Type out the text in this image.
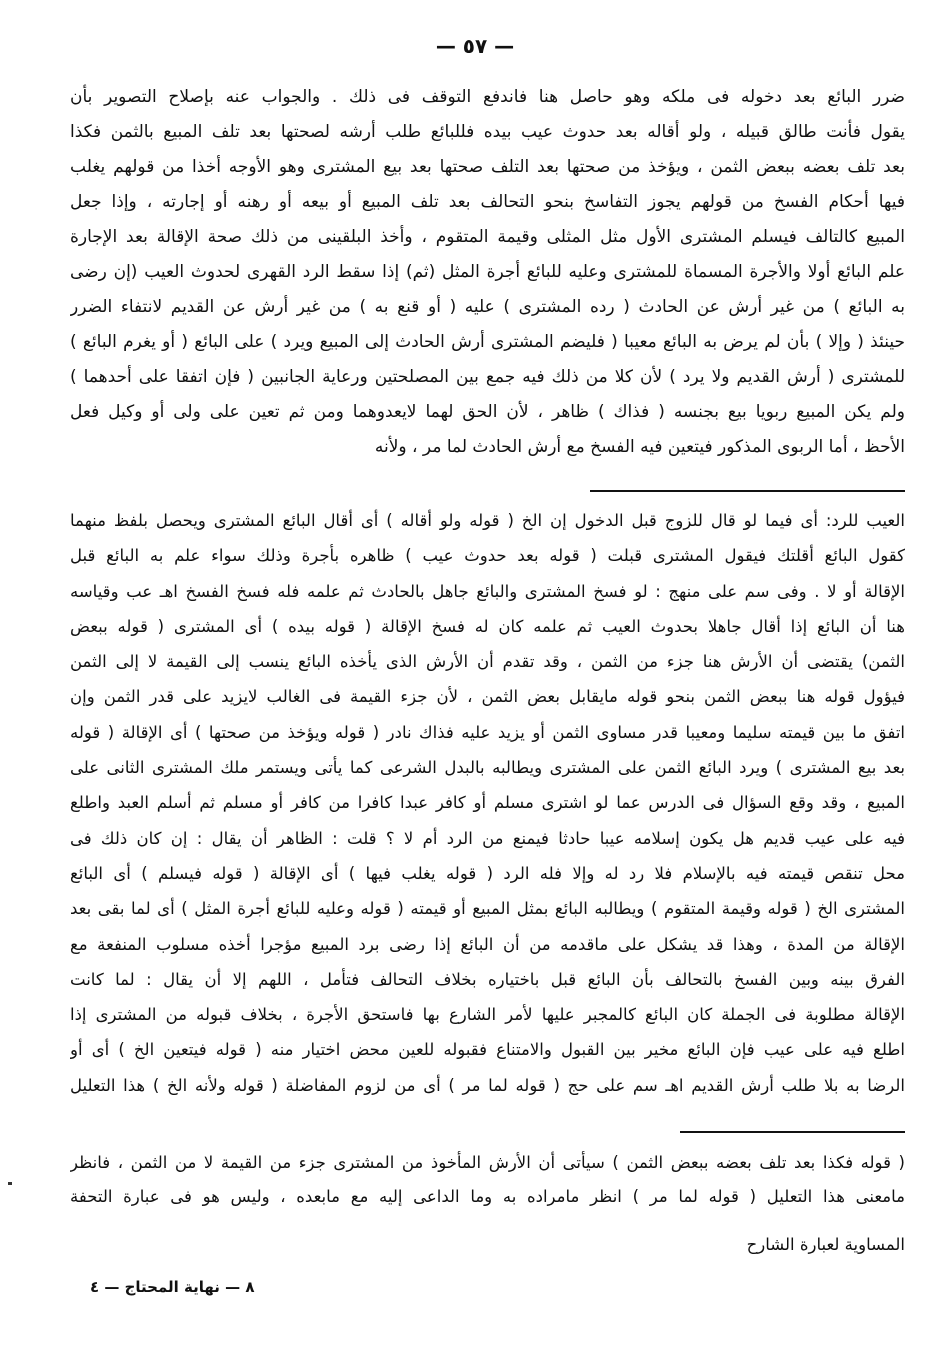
— ٥٧ —
ضرر البائع بعد دخوله فى ملكه وهو حاصل هنا فاندفع التوقف فى ذلك . والجواب عنه بإصلاح التصوير بأن
يقول فأنت طالق قبيله ، ولو أقاله بعد حدوث عيب بيده فللبائع طلب أرشه لصحتها بعد تلف المبيع بالثمن فكذا
بعد تلف بعضه ببعض الثمن ، ويؤخذ من صحتها بعد التلف صحتها بعد بيع المشترى وهو الأوجه أخذا من قولهم يغلب
فيها أحكام الفسخ من قولهم يجوز التفاسخ بنحو التحالف بعد تلف المبيع أو بيعه أو رهنه أو إجارته ، وإذا جعل
المبيع كالتالف فيسلم المشترى الأول مثل المثلى وقيمة المتقوم ، وأخذ البلقينى من ذلك صحة الإقالة بعد الإجارة
علم البائع أولا والأجرة المسماة للمشترى وعليه للبائع أجرة المثل (ثم) إذا سقط الرد القهرى لحدوث العيب (إن رضى
به البائع ) من غير أرش عن الحادث ( رده المشترى ) عليه ( أو قنع به ) من غير أرش عن القديم لانتفاء الضرر
حينئذ ( وإلا ) بأن لم يرض به البائع معيبا ( فليضم المشترى أرش الحادث إلى المبيع ويرد ) على البائع ( أو يغرم البائع )
للمشترى ( أرش القديم ولا يرد ) لأن كلا من ذلك فيه جمع بين المصلحتين ورعاية الجانبين ( فإن اتفقا على أحدهما )
ولم يكن المبيع ربويا بيع بجنسه ( فذاك ) ظاهر ، لأن الحق لهما لايعدوهما ومن ثم تعين على ولى أو وكيل فعل
الأحظ ، أما الربوى المذكور فيتعين فيه الفسخ مع أرش الحادث لما مر ، ولأنه
العيب للرد: أى فيما لو قال للزوج قبل الدخول إن الخ ( قوله ولو أقاله ) أى أقال البائع المشترى ويحصل بلفظ منهما
كقول البائع أقلتك فيقول المشترى قبلت ( قوله بعد حدوث عيب ) ظاهره بأجرة وذلك سواء علم به البائع قبل
الإقالة أو لا . وفى سم على منهج : لو فسخ المشترى والبائع جاهل بالحادث ثم علمه فله فسخ الفسخ اهـ عب وقياسه
هنا أن البائع إذا أقال جاهلا بحدوث العيب ثم علمه كان له فسخ الإقالة ( قوله بيده ) أى المشترى ( قوله ببعض
الثمن) يقتضى أن الأرش هنا جزء من الثمن ، وقد تقدم أن الأرش الذى يأخذه البائع ينسب إلى القيمة لا إلى الثمن
فيؤول قوله هنا ببعض الثمن بنحو قوله مايقابل بعض الثمن ، لأن جزء القيمة فى الغالب لايزيد على قدر الثمن وإن
اتفق ما بين قيمته سليما ومعيبا قدر مساوى الثمن أو يزيد عليه فذاك نادر ( قوله ويؤخذ من صحتها ) أى الإقالة ( قوله
بعد بيع المشترى ) ويرد البائع الثمن على المشترى ويطالبه بالبدل الشرعى كما يأتى ويستمر ملك المشترى الثانى على
المبيع ، وقد وقع السؤال فى الدرس عما لو اشترى مسلم أو كافر عبدا كافرا من كافر أو مسلم ثم أسلم العبد واطلع
فيه على عيب قديم هل يكون إسلامه عيبا حادثا فيمنع من الرد أم لا ؟ قلت : الظاهر أن يقال : إن كان ذلك فى
محل تنقص قيمته فيه بالإسلام فلا رد له وإلا فله الرد ( قوله يغلب فيها ) أى الإقالة ( قوله فيسلم ) أى البائع
المشترى الخ ( قوله وقيمة المتقوم ) ويطالبه البائع بمثل المبيع أو قيمته ( قوله وعليه للبائع أجرة المثل ) أى لما بقى بعد
الإقالة من المدة ، وهذا قد يشكل على ماقدمه من أن البائع إذا رضى برد المبيع مؤجرا أخذه مسلوب المنفعة مع
الفرق بينه وبين الفسخ بالتحالف بأن البائع قبل باختياره بخلاف التحالف فتأمل ، اللهم إلا أن يقال : لما كانت
الإقالة مطلوبة فى الجملة كان البائع كالمجبر عليها لأمر الشارع بها فاستحق الأجرة ، بخلاف قبوله من المشترى إذا
اطلع فيه على عيب فإن البائع مخير بين القبول والامتناع فقبوله للعين محض اختيار منه ( قوله فيتعين الخ ) أى أو
الرضا به بلا طلب أرش القديم اهـ سم على حج ( قوله لما مر ) أى من لزوم المفاضلة ( قوله ولأنه الخ ) هذا التعليل
( قوله فكذا بعد تلف بعضه ببعض الثمن ) سيأتى أن الأرش المأخوذ من المشترى جزء من القيمة لا من الثمن ، فانظر
مامعنى هذا التعليل ( قوله لما مر ) انظر مامراده به وما الداعى إليه مع مابعده ، وليس هو فى عبارة التحفة
المساوية لعبارة الشارح
٨ — نهاية المحتاج — ٤
